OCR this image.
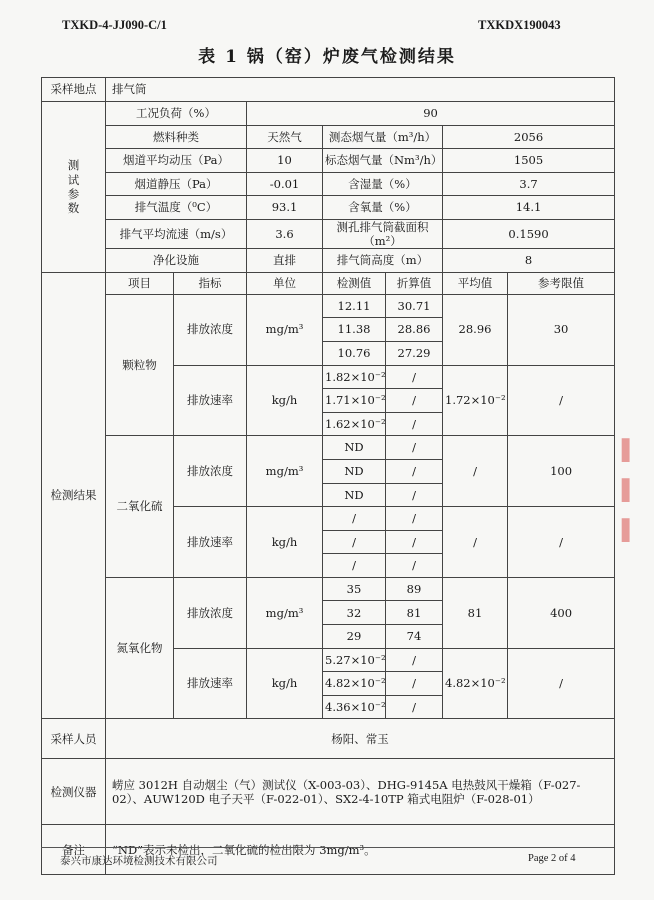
TXKD-4-JJ090-C/1	TXKDX190043
表 1 锅（窑）炉废气检测结果
采样地点	排气筒						
测
试
参
数	工况负荷（%）		90				
	燃料种类		天然气	测态烟气量（m³/h）		2056	
	烟道平均动压（Pa）		10	标态烟气量（Nm³/h）		1505	
	烟道静压（Pa）		-0.01	含湿量（%）		3.7	
	排气温度（⁰C）		93.1	含氧量（%）		14.1	
	排气平均流速（m/s）		3.6	测孔排气筒截面积（m²）		0.1590	
	净化设施		直排	排气筒高度（m）		8	
检测结果	项目	指标	单位	检测值	折算值	平均值	参考限值
	颗粒物	排放浓度	mg/m³	12.11	30.71	28.96	30
				11.38	28.86		
				10.76	27.29		
		排放速率	kg/h	1.82×10⁻²	/	1.72×10⁻²	/
				1.71×10⁻²	/		
				1.62×10⁻²	/		
	二氧化硫	排放浓度	mg/m³	ND	/	/	100
				ND	/		
				ND	/		
		排放速率	kg/h	/	/	/	/
				/	/		
				/	/		
	氮氧化物	排放浓度	mg/m³	35	89	81	400
				32	81		
				29	74		
		排放速率	kg/h	5.27×10⁻²	/	4.82×10⁻²	/
				4.82×10⁻²	/		
				4.36×10⁻²	/		
采样人员	杨阳、常玉						
检测仪器	崂应 3012H 自动烟尘（气）测试仪（X-003-03）、DHG-9145A 电热鼓风干燥箱（F-027-02）、AUW120D 电子天平（F-022-01）、SX2-4-10TP 箱式电阻炉（F-028-01）						
备注	“ND”表示未检出，二氧化硫的检出限为 3mg/m³。						
泰兴市康达环境检测技术有限公司	Page 2 of 4
▌
▌
▌
